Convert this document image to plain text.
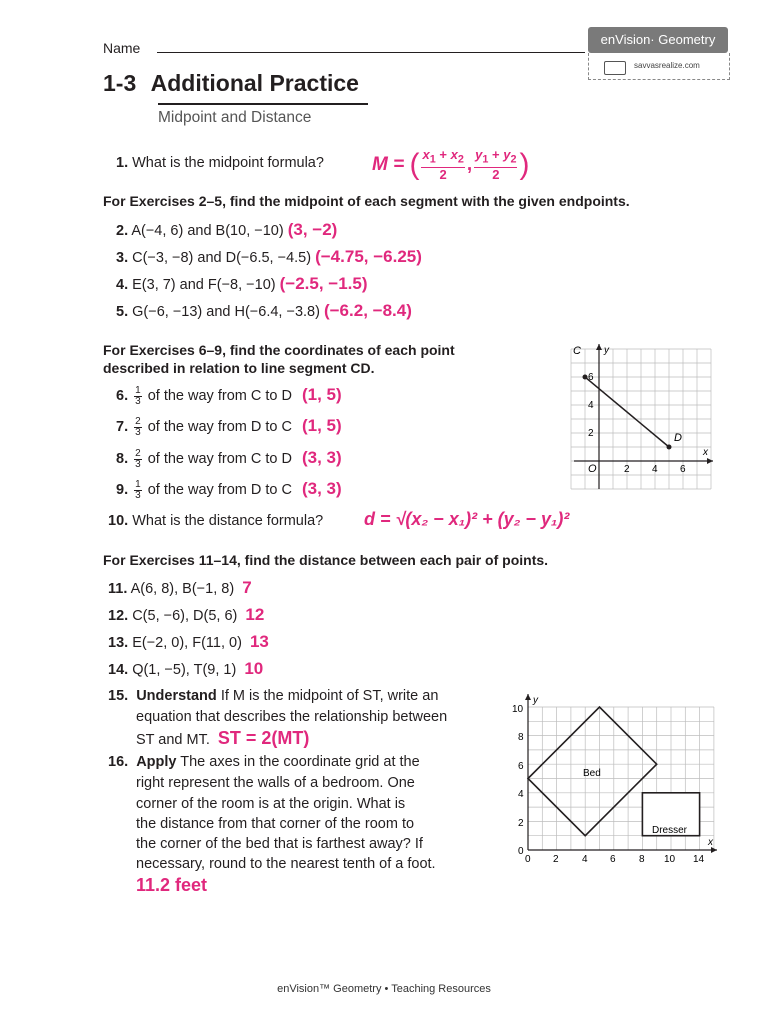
Name
enVision· Geometry
savvasrealize.com
1-3 Additional Practice
Midpoint and Distance
1. What is the midpoint formula?	M = ( $\frac{x_1 + x_2}{2}$ , $\frac{y_1 + y_2}{2}$ )
For Exercises 2–5, find the midpoint of each segment with the given endpoints.
2. A(−4, 6) and B(10, −10) (3, −2)
3. C(−3, −8) and D(−6.5, −4.5) (−4.75, −6.25)
4. E(3, 7) and F(−8, −10) (−2.5, −1.5)
5. G(−6, −13) and H(−6.4, −3.8) (−6.2, −8.4)
For Exercises 6–9, find the coordinates of each point
described in relation to line segment CD.
6. $\frac{1}{3}$ of the way from C to D (1, 5)
7. $\frac{2}{3}$ of the way from D to C (1, 5)
8. $\frac{2}{3}$ of the way from C to D (3, 3)
9. $\frac{1}{3}$ of the way from D to C (3, 3)
C
D
O
x
y
2 4 6
2
4
6
10. What is the distance formula? d = √(x₂ − x₁)² + (y₂ − y₁)²
For Exercises 11–14, find the distance between each pair of points.
11. A(6, 8), B(−1, 8) 7
12. C(5, −6), D(5, 6) 12
13. E(−2, 0), F(11, 0) 13
14. Q(1, −5), T(9, 1) 10
15. Understand If M is the midpoint of ST, write an
equation that describes the relationship between
ST and MT. ST = 2(MT)
16. Apply The axes in the coordinate grid at the
right represent the walls of a bedroom. One
corner of the room is at the origin. What is
the distance from that corner of the room to
the corner of the bed that is farthest away? If
necessary, round to the nearest tenth of a foot.
11.2 feet
Bed
Dresser
x
y
0 2 4 6 8 10 14
0
2
4
6
8
10
enVision™ Geometry • Teaching Resources
